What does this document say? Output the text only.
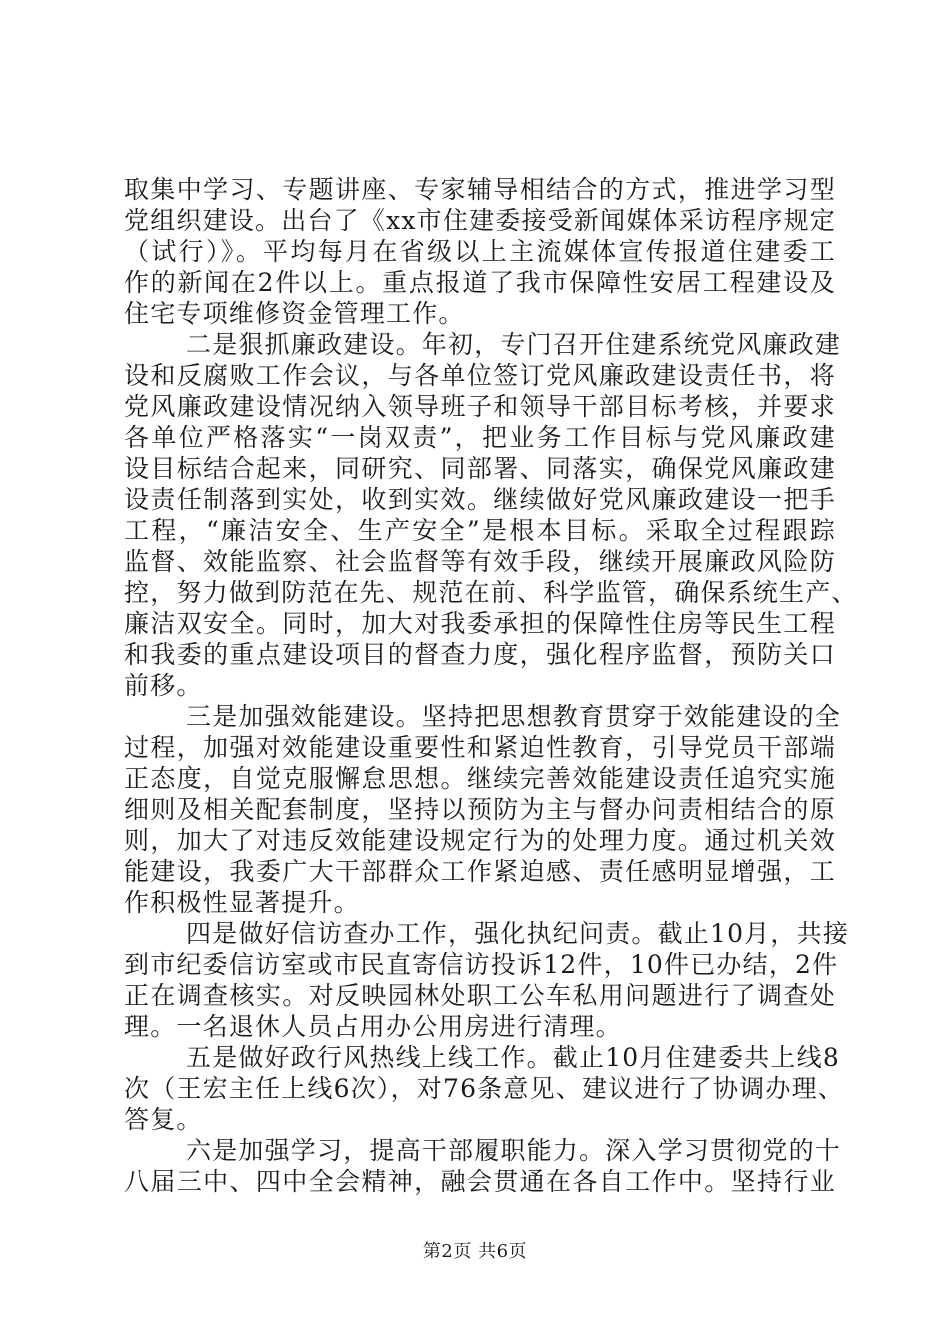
取集中学习、专题讲座、专家辅导相结合的方式，推进学习型
党组织建设。出台了《xx市住建委接受新闻媒体采访程序规定
（试行）》。平均每月在省级以上主流媒体宣传报道住建委工
作的新闻在2件以上。重点报道了我市保障性安居工程建设及
住宅专项维修资金管理工作。
二是狠抓廉政建设。年初，专门召开住建系统党风廉政建
设和反腐败工作会议，与各单位签订党风廉政建设责任书，将
党风廉政建设情况纳入领导班子和领导干部目标考核，并要求
各单位严格落实“一岗双责”，把业务工作目标与党风廉政建
设目标结合起来，同研究、同部署、同落实，确保党风廉政建
设责任制落到实处，收到实效。继续做好党风廉政建设一把手
工程，“廉洁安全、生产安全”是根本目标。采取全过程跟踪
监督、效能监察、社会监督等有效手段，继续开展廉政风险防
控，努力做到防范在先、规范在前、科学监管，确保系统生产、
廉洁双安全。同时，加大对我委承担的保障性住房等民生工程
和我委的重点建设项目的督查力度，强化程序监督，预防关口
前移。
三是加强效能建设。坚持把思想教育贯穿于效能建设的全
过程，加强对效能建设重要性和紧迫性教育，引导党员干部端
正态度，自觉克服懈怠思想。继续完善效能建设责任追究实施
细则及相关配套制度，坚持以预防为主与督办问责相结合的原
则，加大了对违反效能建设规定行为的处理力度。通过机关效
能建设，我委广大干部群众工作紧迫感、责任感明显增强，工
作积极性显著提升。
四是做好信访查办工作，强化执纪问责。截止10月，共接
到市纪委信访室或市民直寄信访投诉12件，10件已办结，2件
正在调查核实。对反映园林处职工公车私用问题进行了调查处
理。一名退休人员占用办公用房进行清理。
五是做好政行风热线上线工作。截止10月住建委共上线8
次（王宏主任上线6次），对76条意见、建议进行了协调办理、
答复。
六是加强学习，提高干部履职能力。深入学习贯彻党的十
八届三中、四中全会精神，融会贯通在各自工作中。坚持行业
第2页 共6页
